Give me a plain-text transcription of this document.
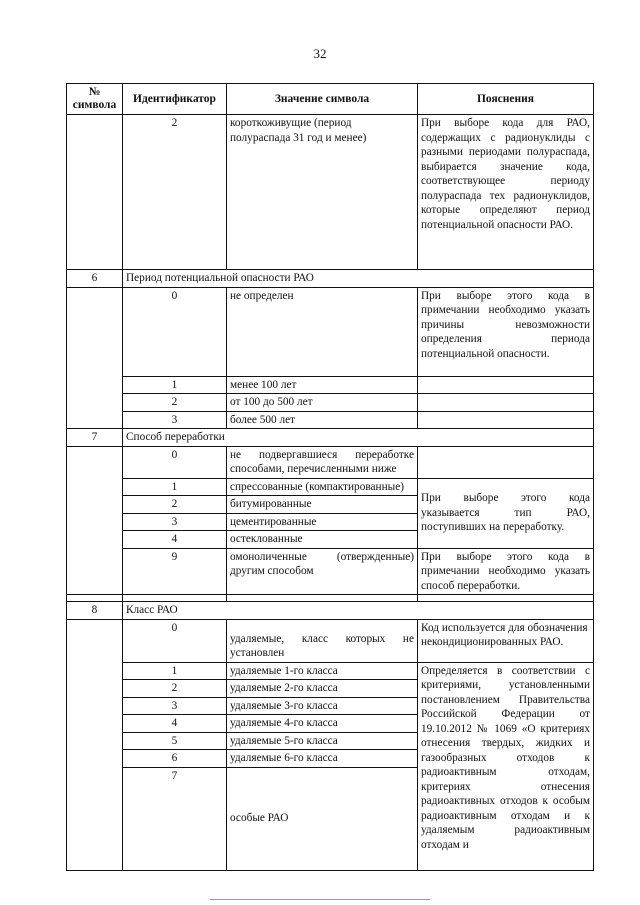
32
№ символа	Идентификатор	Значение символа	Пояснения
	2	короткоживущие (период полураспада 31 год и менее)	При выборе кода для РАО, содержащих с радионуклиды с разными периодами полураспада, выбирается значение кода, соответствующее периоду полураспада тех радионуклидов, которые определяют период потенциальной опасности РАО.
6	Период потенциальной опасности РАО		
	0	не определен	При выборе этого кода в примечании необходимо указать причины невозможности определения периода потенциальной опасности.
	1	менее 100 лет	
	2	от 100 до 500 лет	
	3	более 500 лет	
7	Способ переработки		
	0	не подвергавшиеся переработке способами, перечисленными ниже	
	1	спрессованные (компактированные)	При выборе этого кода указывается тип РАО, поступивших на переработку.
	2	битумированные	
	3	цементированные	
	4	остеклованные	
	9	омоноличенные (отвержденные) другим способом	При выборе этого кода в примечании необходимо указать способ переработки.

8	Класс РАО		
	0	удаляемые, класс которых не установлен	Код используется для обозначения некондиционированных РАО.
	1	удаляемые 1-го класса	Определяется в соответствии с критериями, установленными постановлением Правительства Российской Федерации от 19.10.2012 № 1069 «О критериях отнесения твердых, жидких и газообразных отходов к радиоактивным отходам, критериях отнесения радиоактивных отходов к особым радиоактивным отходам и к удаляемым радиоактивным отходам и
	2	удаляемые 2-го класса	
	3	удаляемые 3-го класса	
	4	удаляемые 4-го класса	
	5	удаляемые 5-го класса	
	6	удаляемые 6-го класса	
	7	особые РАО	
